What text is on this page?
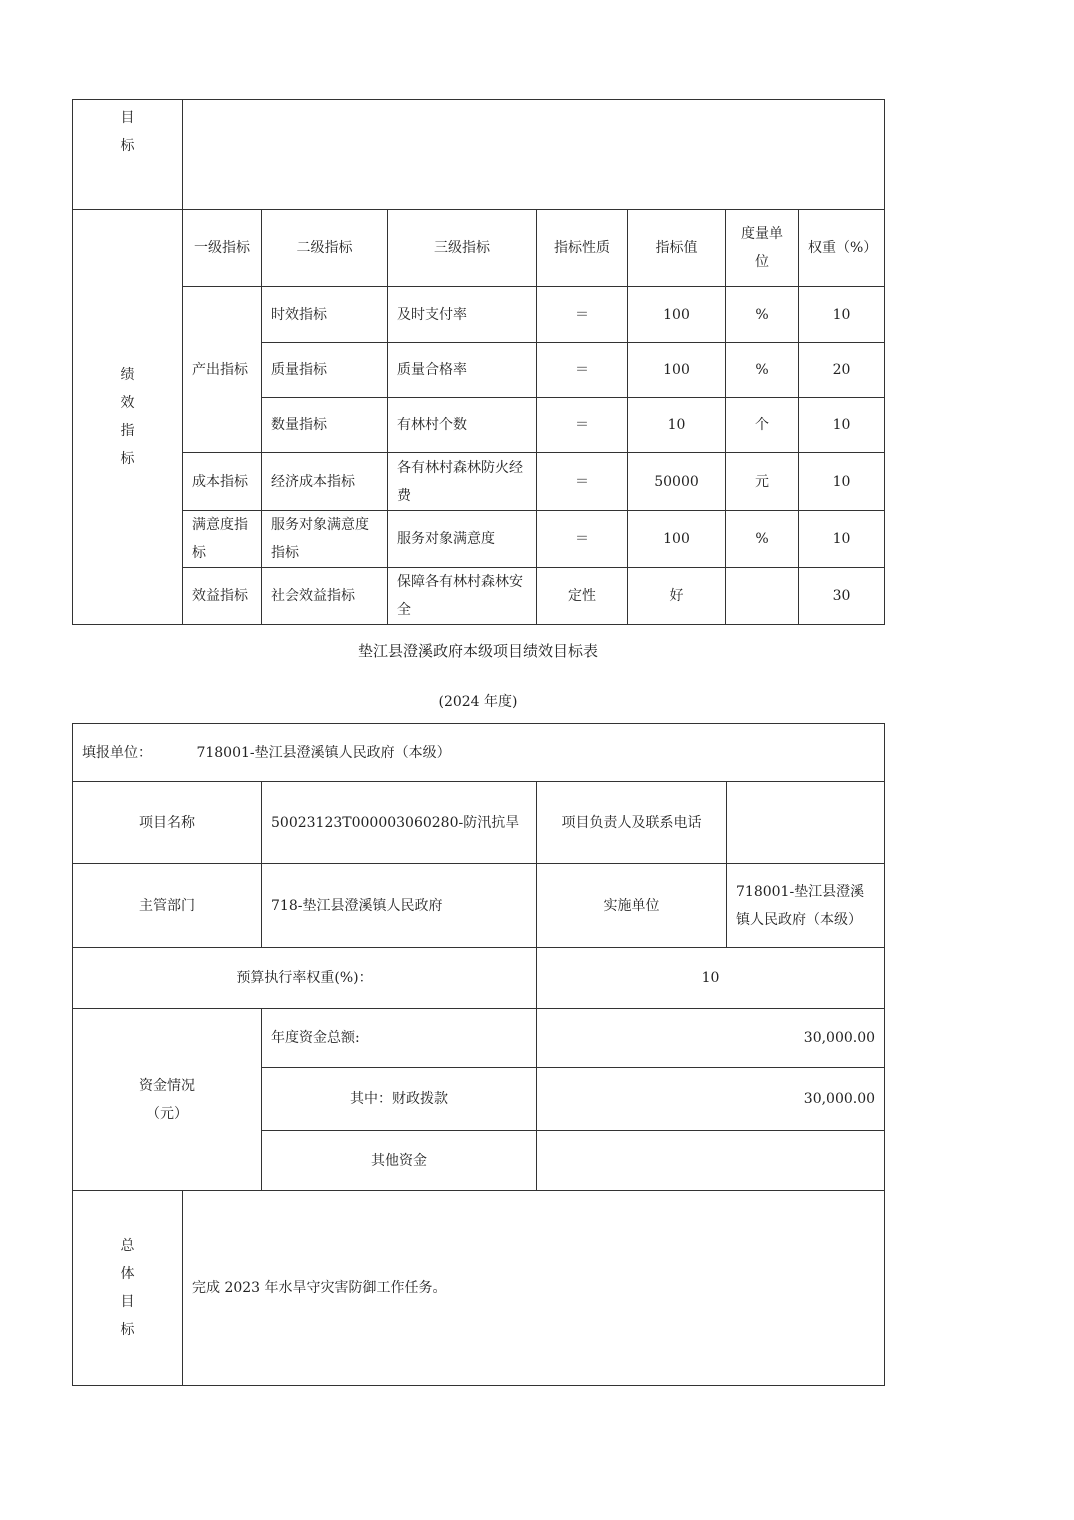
目
标							

绩
效
指
标	一级指标	二级指标	三级指标	指标性质	指标值	度量单位	权重（%）
	产出指标	时效指标	及时支付率	＝	100	%	10
		质量指标	质量合格率	＝	100	%	20
		数量指标	有林村个数	＝	10	个	10
	成本指标	经济成本指标	各有林村森林防火经费	＝	50000	元	10
	满意度指标	服务对象满意度指标	服务对象满意度	＝	100	%	10
	效益指标	社会效益指标	保障各有林村森林安全	定性	好		30
垫江县澄溪政府本级项目绩效目标表
(2024 年度)
填报单位： 718001-垫江县澄溪镇人民政府（本级）				
项目名称		50023123T000003060280-防汛抗旱	项目负责人及联系电话	
主管部门		718-垫江县澄溪镇人民政府	实施单位	718001-垫江县澄溪镇人民政府（本级）
预算执行率权重(%)：			10	

资金情况
（元）		年度资金总额:	30,000.00	
		其中：财政拨款	30,000.00	
		其他资金		

总
体
目
标	完成 2023 年水旱守灾害防御工作任务。			
